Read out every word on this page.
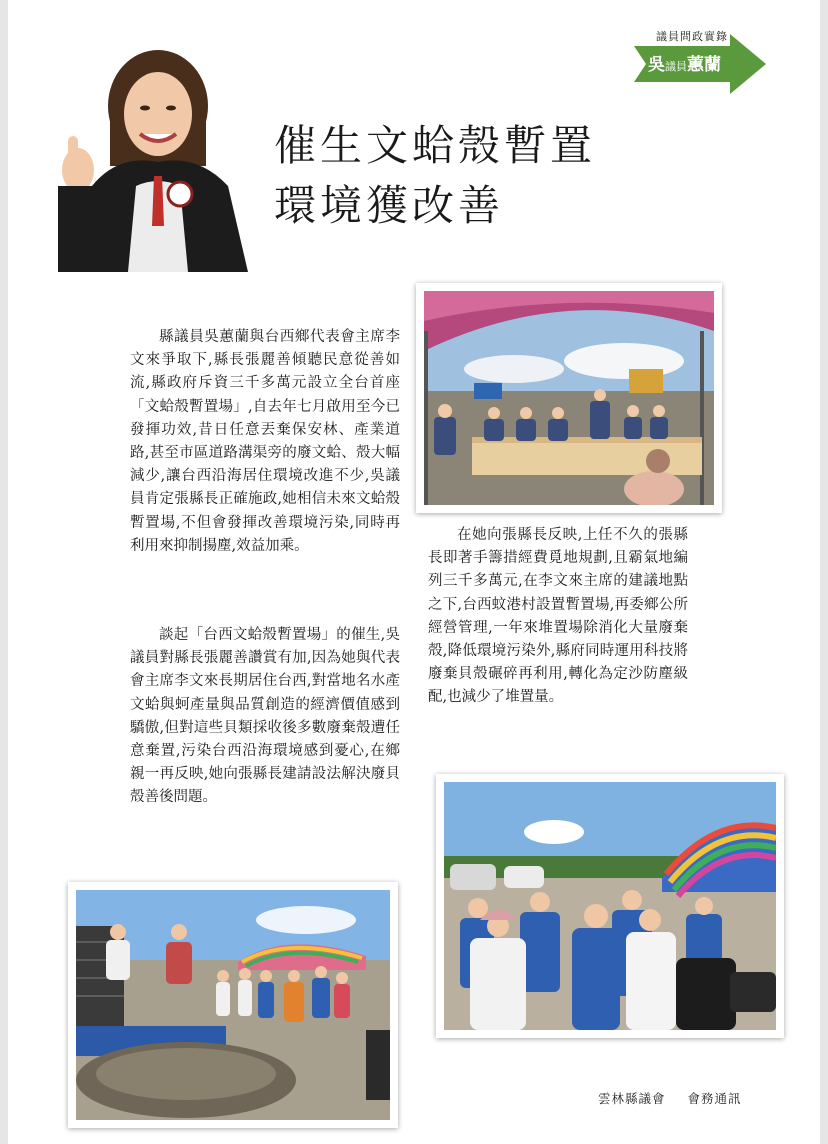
議員問政實錄
吳議員蕙蘭
催生文蛤殼暫置
環境獲改善

縣議員吳蕙蘭與台西鄉代表會主席李文來爭取下,縣長張麗善傾聽民意從善如流,縣政府斥資三千多萬元設立全台首座「文蛤殼暫置場」,自去年七月啟用至今已發揮功效,昔日任意丟棄保安林、產業道路,甚至市區道路溝渠旁的廢文蛤、殼大幅減少,讓台西沿海居住環境改進不少,吳議員肯定張縣長正確施政,她相信未來文蛤殼暫置場,不但會發揮改善環境污染,同時再利用來抑制揚塵,效益加乘。

談起「台西文蛤殼暫置場」的催生,吳議員對縣長張麗善讚賞有加,因為她與代表會主席李文來長期居住台西,對當地名水產文蛤與蚵產量與品質創造的經濟價值感到驕傲,但對這些貝類採收後多數廢棄殼遭任意棄置,污染台西沿海環境感到憂心,在鄉親一再反映,她向張縣長建請設法解決廢貝殼善後問題。

在她向張縣長反映,上任不久的張縣長即著手籌措經費覓地規劃,且霸氣地編列三千多萬元,在李文來主席的建議地點之下,台西蚊港村設置暫置場,再委鄉公所經營管理,一年來堆置場除消化大量廢棄殼,降低環境污染外,縣府同時運用科技將廢棄貝殼碾碎再利用,轉化為定沙防塵級配,也減少了堆置量。

雲林縣議會 會務通訊
